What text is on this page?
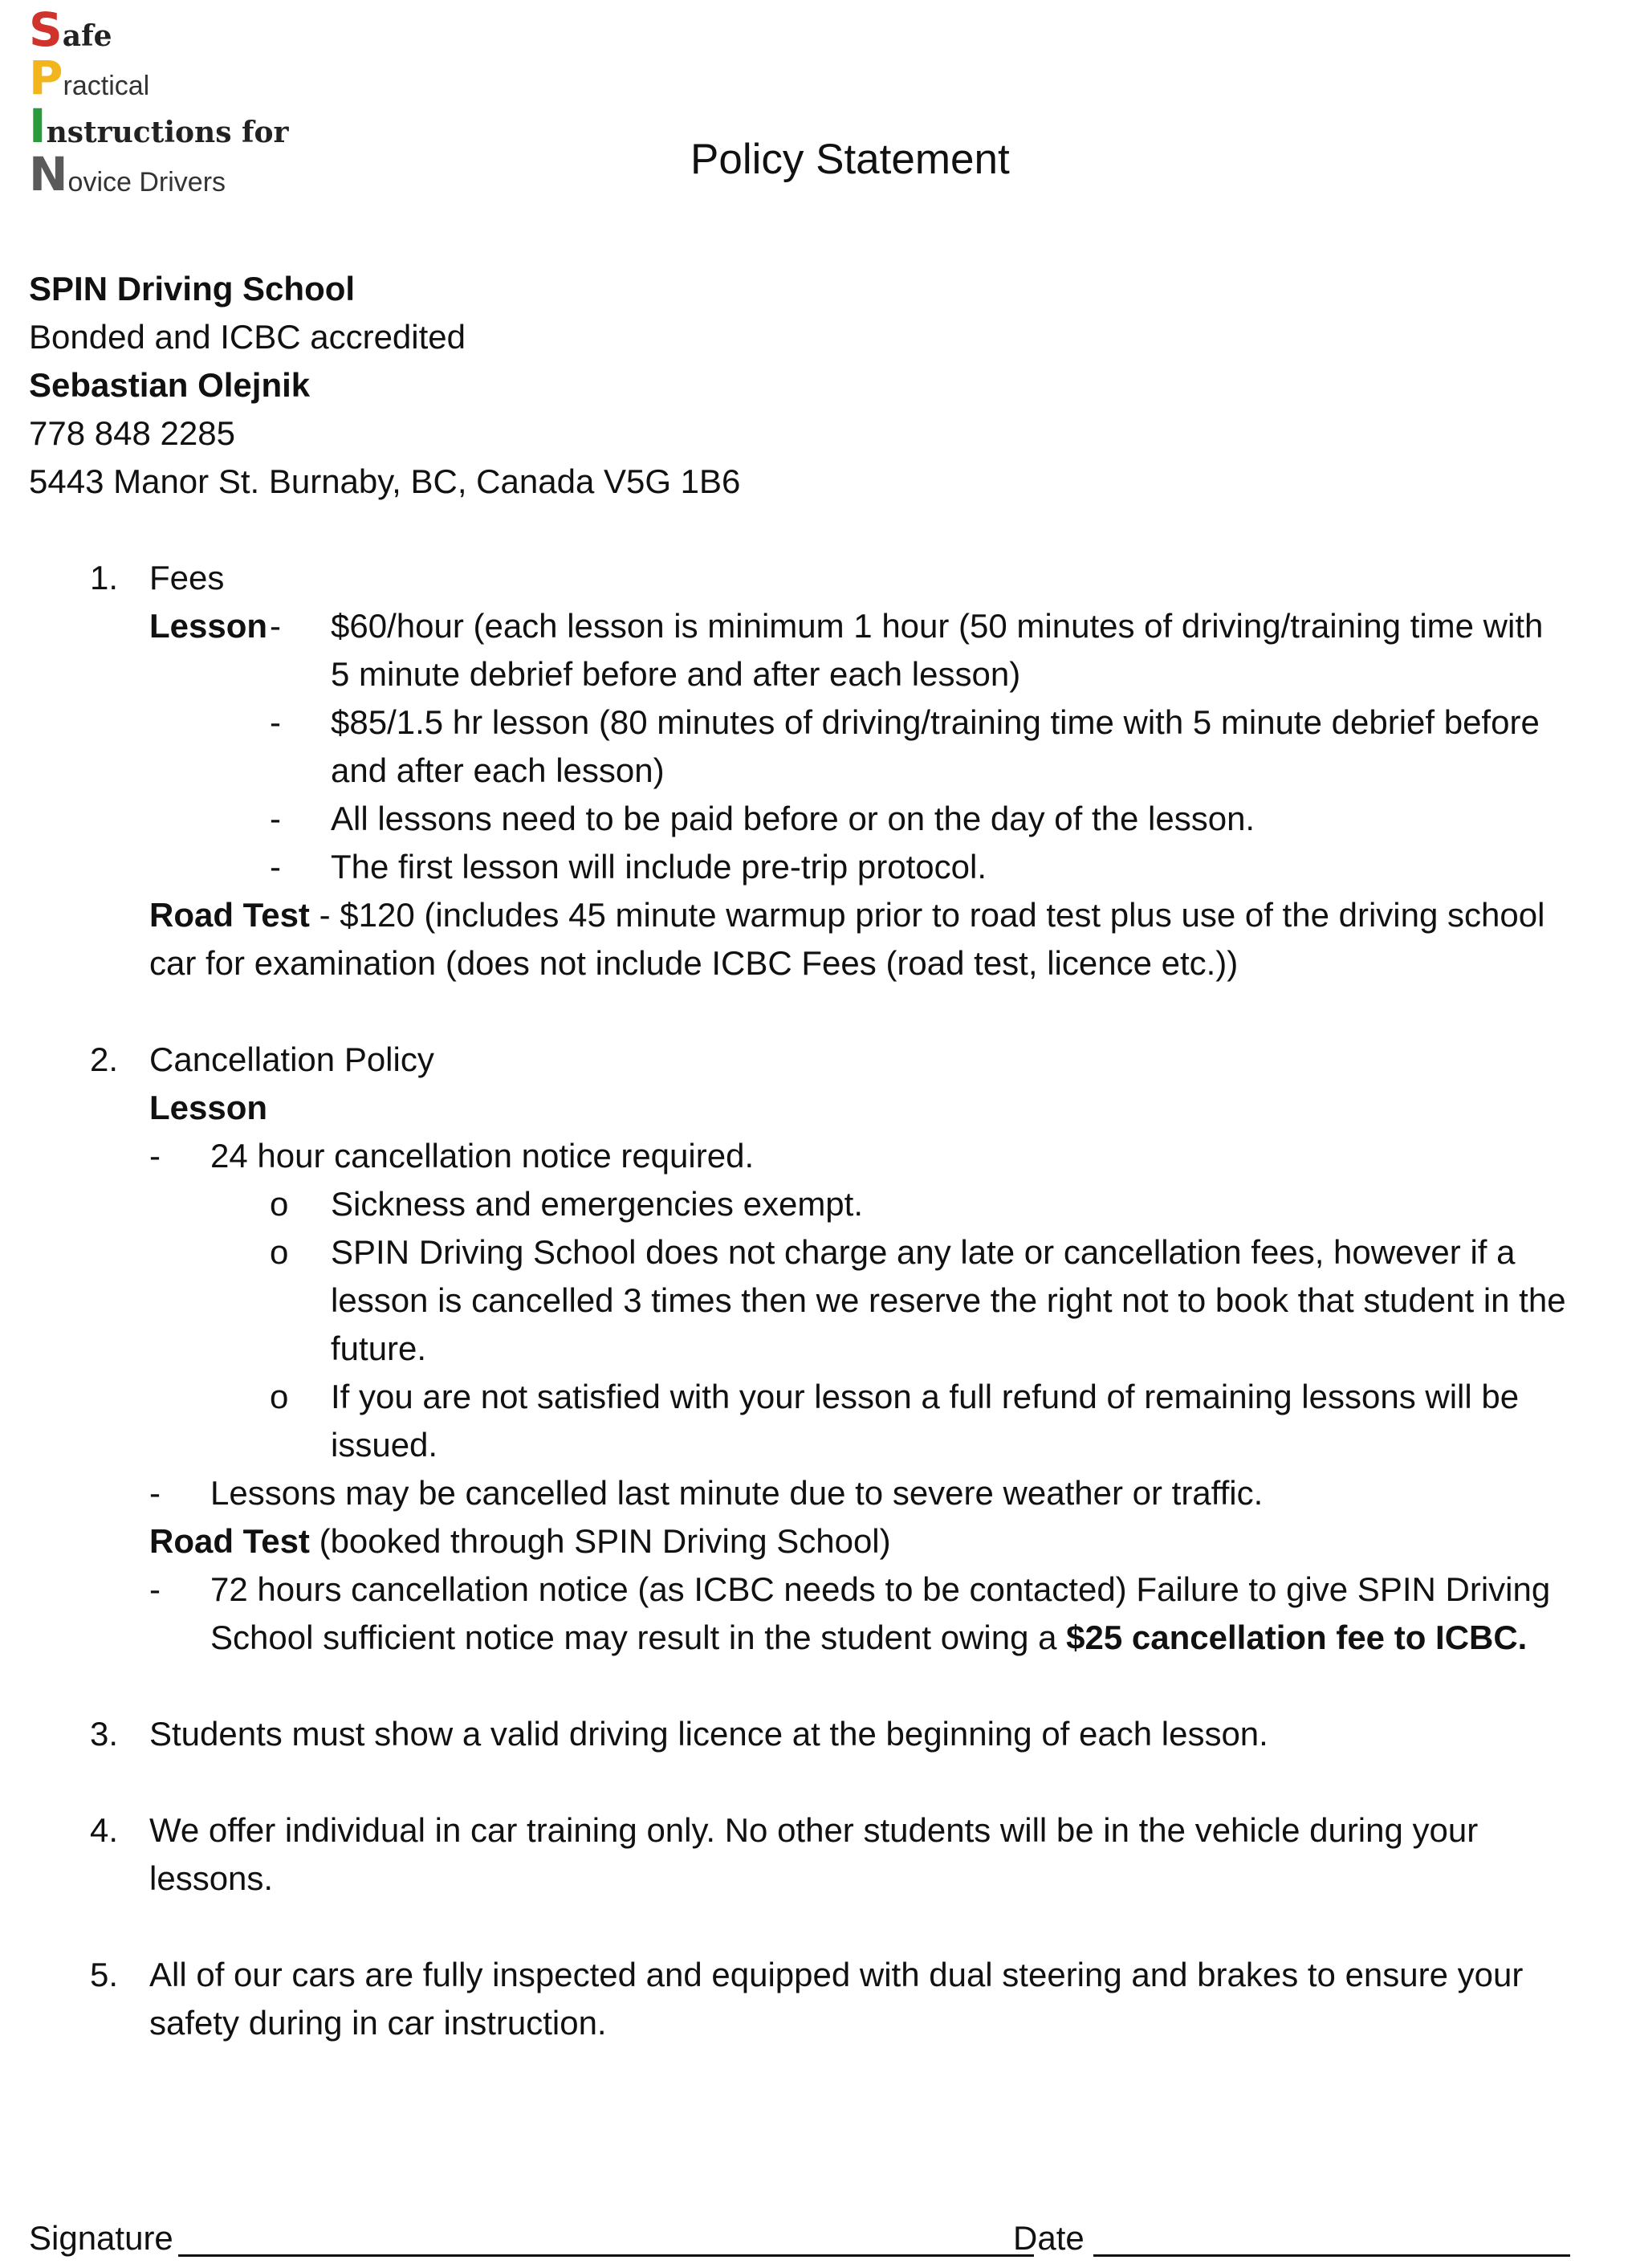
Safe
Practical
Instructions for
Novice Drivers	Policy Statement
SPIN Driving School
Bonded and ICBC accredited
Sebastian Olejnik
778 848 2285
5443 Manor St. Burnaby, BC, Canada V5G 1B6
1. Fees
Lesson - $60/hour (each lesson is minimum 1 hour (50 minutes of driving/training time with
5 minute debrief before and after each lesson)
- $85/1.5 hr lesson (80 minutes of driving/training time with 5 minute debrief before
and after each lesson)
- All lessons need to be paid before or on the day of the lesson.
- The first lesson will include pre-trip protocol.
Road Test - $120 (includes 45 minute warmup prior to road test plus use of the driving school
car for examination (does not include ICBC Fees (road test, licence etc.))
2. Cancellation Policy
Lesson
- 24 hour cancellation notice required.
o Sickness and emergencies exempt.
o SPIN Driving School does not charge any late or cancellation fees, however if a
lesson is cancelled 3 times then we reserve the right not to book that student in the
future.
o If you are not satisfied with your lesson a full refund of remaining lessons will be
issued.
- Lessons may be cancelled last minute due to severe weather or traffic.
Road Test (booked through SPIN Driving School)
- 72 hours cancellation notice (as ICBC needs to be contacted) Failure to give SPIN Driving
School sufficient notice may result in the student owing a $25 cancellation fee to ICBC.
3. Students must show a valid driving licence at the beginning of each lesson.
4. We offer individual in car training only. No other students will be in the vehicle during your
lessons.
5. All of our cars are fully inspected and equipped with dual steering and brakes to ensure your
safety during in car instruction.
Signature	Date
